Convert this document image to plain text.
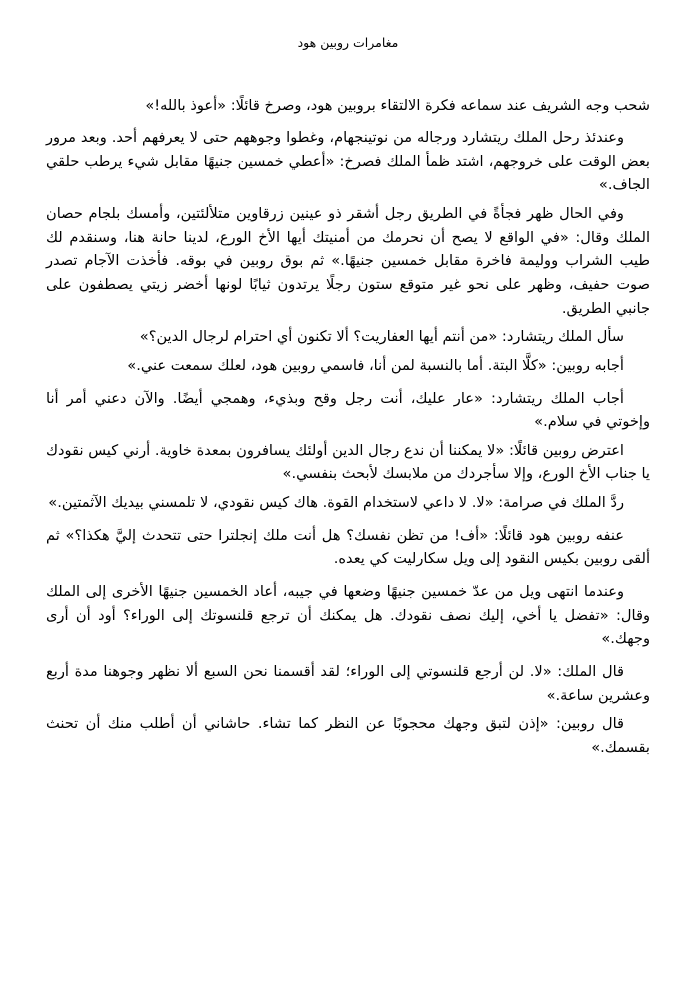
مغامرات روبين هود

شحب وجه الشريف عند سماعه فكرة الالتقاء بروبين هود، وصرخ قائلًا: «أعوذ بالله!»

وعندئذ رحل الملك ريتشارد ورجاله من نوتينجهام، وغطوا وجوههم حتى لا يعرفهم أحد. وبعد مرور بعض الوقت على خروجهم، اشتد ظمأ الملك فصرخ: «أعطي خمسين جنيهًا مقابل شيء يرطب حلقي الجاف.»

وفي الحال ظهر فجأةً في الطريق رجل أشقر ذو عينين زرقاوين متلألئتين، وأمسك بلجام حصان الملك وقال: «في الواقع لا يصح أن نحرمك من أمنيتك أيها الأخ الورع، لدينا حانة هنا، وسنقدم لك طيب الشراب ووليمة فاخرة مقابل خمسين جنيهًا.» ثم بوق روبين في بوقه. فأخذت الآجام تصدر صوت حفيف، وظهر على نحو غير متوقع ستون رجلًا يرتدون ثيابًا لونها أخضر زيتي يصطفون على جانبي الطريق.

سأل الملك ريتشارد: «من أنتم أيها العفاريت؟ ألا تكنون أي احترام لرجال الدين؟»

أجابه روبين: «كلَّا البتة. أما بالنسبة لمن أنا، فاسمي روبين هود، لعلك سمعت عني.»

أجاب الملك ريتشارد: «عار عليك، أنت رجل وقح وبذيء، وهمجي أيضًا. والآن دعني أمر أنا وإخوتي في سلام.»

اعترض روبين قائلًا: «لا يمكننا أن ندع رجال الدين أولئك يسافرون بمعدة خاوية. أرني كيس نقودك يا جناب الأخ الورع، وإلا سأجردك من ملابسك لأبحث بنفسي.»

ردَّ الملك في صرامة: «لا. لا داعي لاستخدام القوة. هاك كيس نقودي، لا تلمسني بيديك الآثمتين.»

عنفه روبين هود قائلًا: «أف! من تظن نفسك؟ هل أنت ملك إنجلترا حتى تتحدث إليَّ هكذا؟» ثم ألقى روبين بكيس النقود إلى ويل سكارليت كي يعده.

وعندما انتهى ويل من عدّ خمسين جنيهًا وضعها في جيبه، أعاد الخمسين جنيهًا الأخرى إلى الملك وقال: «تفضل يا أخي، إليك نصف نقودك. هل يمكنك أن ترجع قلنسوتك إلى الوراء؟ أود أن أرى وجهك.»

قال الملك: «لا. لن أرجع قلنسوتي إلى الوراء؛ لقد أقسمنا نحن السبع ألا نظهر وجوهنا مدة أربع وعشرين ساعة.»

قال روبين: «إذن لتبق وجهك محجوبًا عن النظر كما تشاء. حاشاني أن أطلب منك أن تحنث بقسمك.»
